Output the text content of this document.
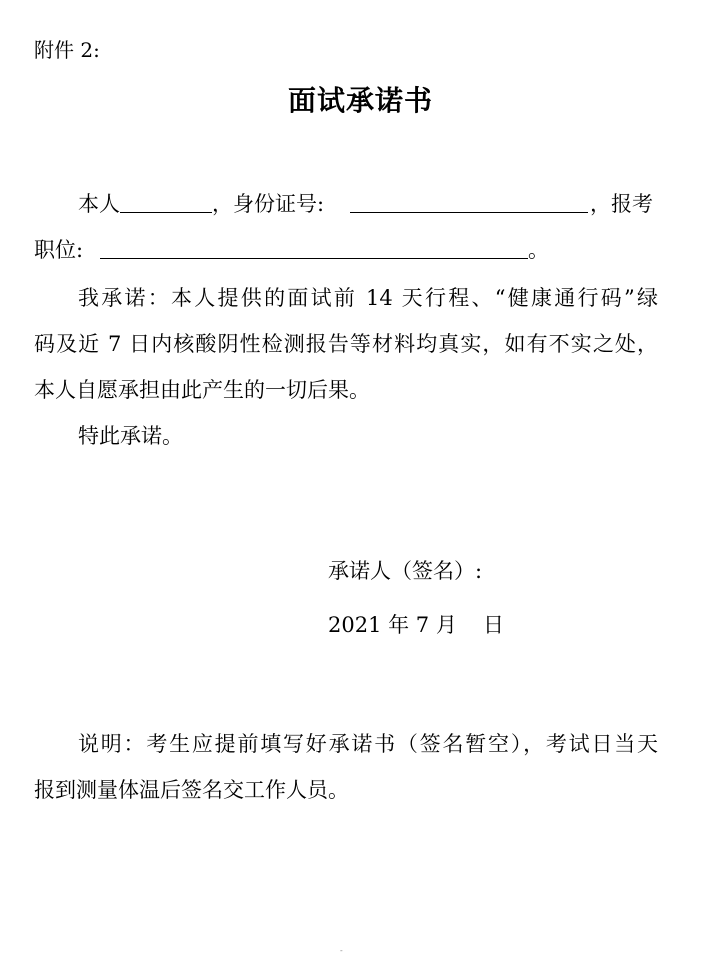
附件 2:
面试承诺书
本人	，身份证号:	，报考
职位:	。
我承诺：本人提供的面试前 14 天行程、“健康通行码”绿
码及近 7 日内核酸阴性检测报告等材料均真实，如有不实之处，
本人自愿承担由此产生的一切后果。
特此承诺。
承诺人（签名）:
2021 年 7 月 日
说明：考生应提前填写好承诺书（签名暂空），考试日当天
报到测量体温后签名交工作人员。
-
